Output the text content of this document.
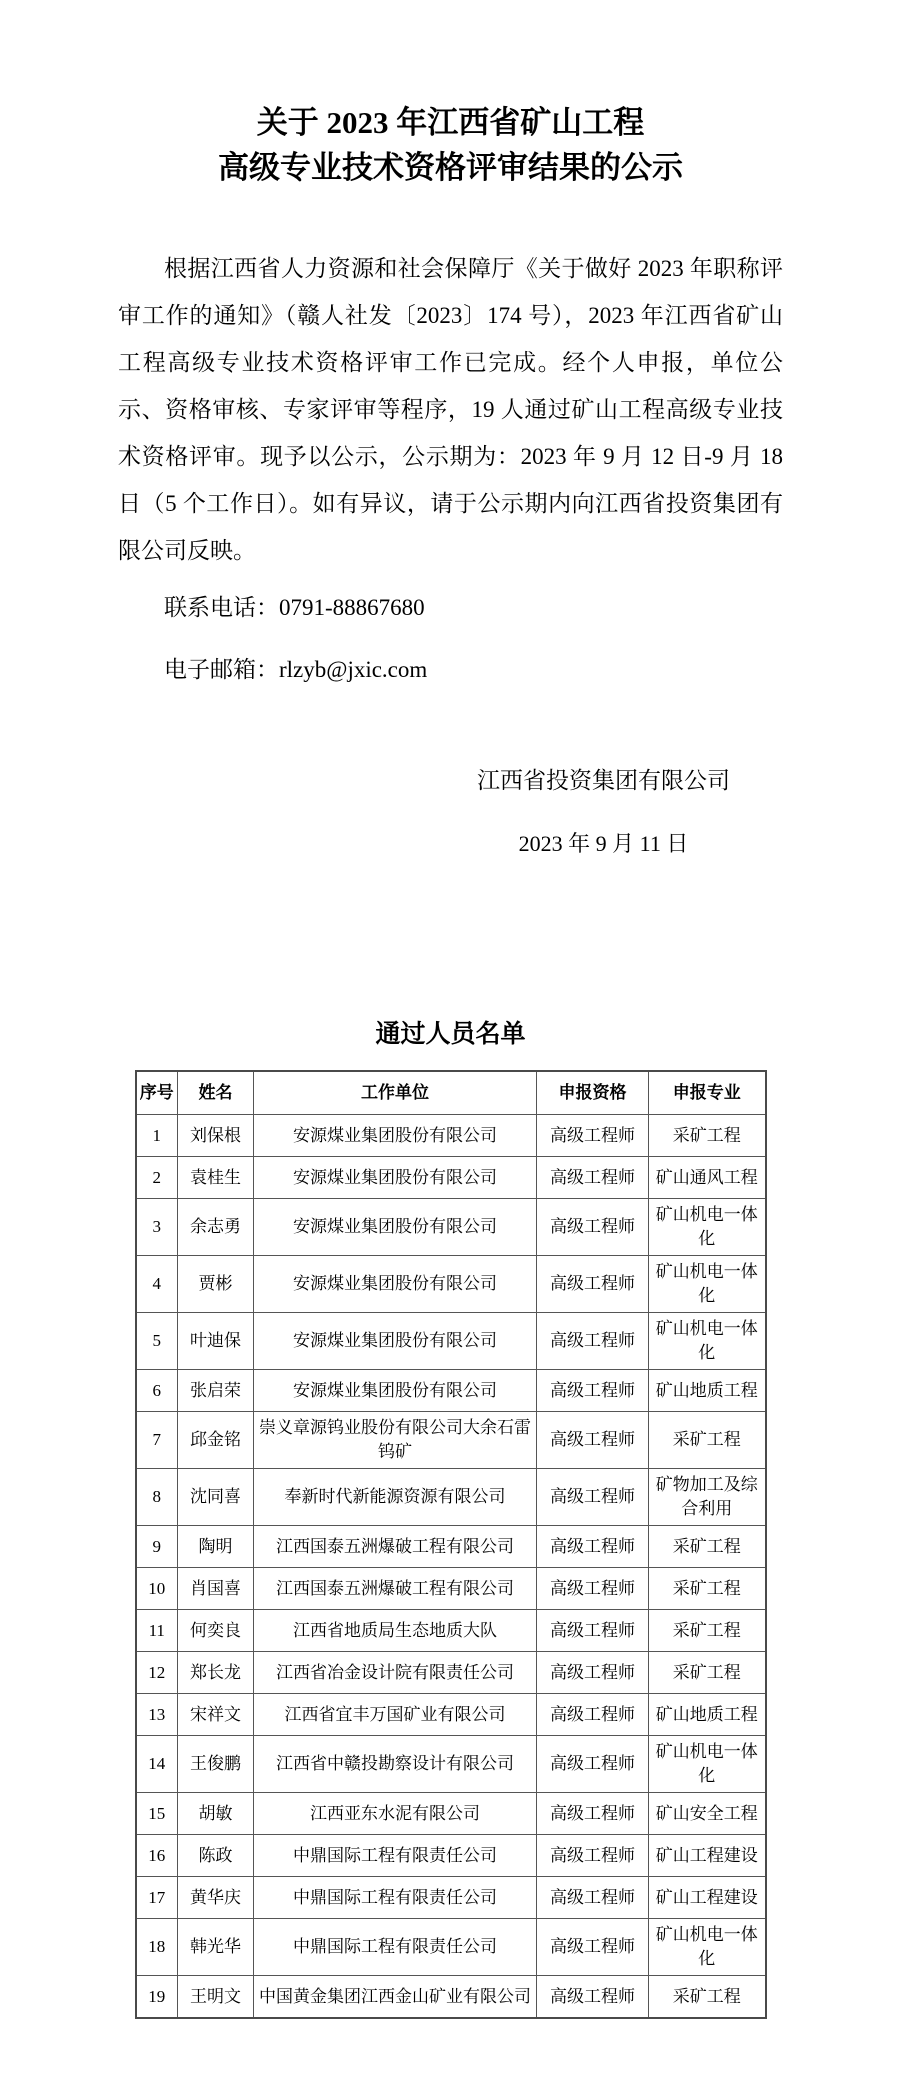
关于 2023 年江西省矿山工程
高级专业技术资格评审结果的公示

根据江西省人力资源和社会保障厅《关于做好 2023 年职称评审工作的通知》（赣人社发〔2023〕174 号），2023 年江西省矿山工程高级专业技术资格评审工作已完成。经个人申报，单位公示、资格审核、专家评审等程序，19 人通过矿山工程高级专业技术资格评审。现予以公示，公示期为：2023 年 9 月 12 日-9 月 18 日（5 个工作日）。如有异议，请于公示期内向江西省投资集团有限公司反映。

联系电话：0791-88867680

电子邮箱：rlzyb@jxic.com

江西省投资集团有限公司
2023 年 9 月 11 日
通过人员名单
序号	姓名	工作单位	申报资格	申报专业
1	刘保根	安源煤业集团股份有限公司	高级工程师	采矿工程
2	袁桂生	安源煤业集团股份有限公司	高级工程师	矿山通风工程
3	余志勇	安源煤业集团股份有限公司	高级工程师	矿山机电一体化
4	贾彬	安源煤业集团股份有限公司	高级工程师	矿山机电一体化
5	叶迪保	安源煤业集团股份有限公司	高级工程师	矿山机电一体化
6	张启荣	安源煤业集团股份有限公司	高级工程师	矿山地质工程
7	邱金铭	崇义章源钨业股份有限公司大余石雷钨矿	高级工程师	采矿工程
8	沈同喜	奉新时代新能源资源有限公司	高级工程师	矿物加工及综合利用
9	陶明	江西国泰五洲爆破工程有限公司	高级工程师	采矿工程
10	肖国喜	江西国泰五洲爆破工程有限公司	高级工程师	采矿工程
11	何奕良	江西省地质局生态地质大队	高级工程师	采矿工程
12	郑长龙	江西省冶金设计院有限责任公司	高级工程师	采矿工程
13	宋祥文	江西省宜丰万国矿业有限公司	高级工程师	矿山地质工程
14	王俊鹏	江西省中赣投勘察设计有限公司	高级工程师	矿山机电一体化
15	胡敏	江西亚东水泥有限公司	高级工程师	矿山安全工程
16	陈政	中鼎国际工程有限责任公司	高级工程师	矿山工程建设
17	黄华庆	中鼎国际工程有限责任公司	高级工程师	矿山工程建设
18	韩光华	中鼎国际工程有限责任公司	高级工程师	矿山机电一体化
19	王明文	中国黄金集团江西金山矿业有限公司	高级工程师	采矿工程
